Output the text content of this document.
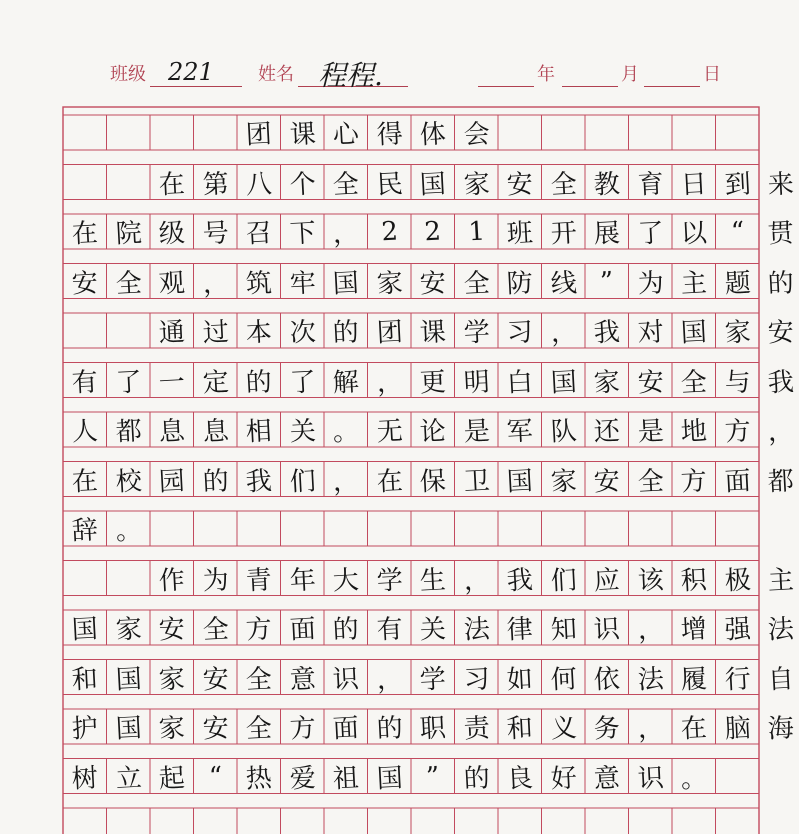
班级 221 姓名 程程.	年	月	日
团 课 心 得 体 会
在 第 八 个 全 民 国 家 安 全 教 育 日 到 来
在 院 级 号 召 下 ， 2 2 1 班 开 展 了 以 “ 贯
安 全 观 ， 筑 牢 国 家 安 全 防 线 ” 为 主 题 的
通 过 本 次 的 团 课 学 习 ， 我 对 国 家 安
有 了 一 定 的 了 解 ， 更 明 白 国 家 安 全 与 我
人 都 息 息 相 关 。 无 论 是 军 队 还 是 地 方 ，
在 校 园 的 我 们 ， 在 保 卫 国 家 安 全 方 面 都
辞 。
作 为 青 年 大 学 生 ， 我 们 应 该 积 极 主
国 家 安 全 方 面 的 有 关 法 律 知 识 ， 增 强 法
和 国 家 安 全 意 识 ， 学 习 如 何 依 法 履 行 自
护 国 家 安 全 方 面 的 职 责 和 义 务 ， 在 脑 海
树 立 起 “ 热 爱 祖 国 ” 的 良 好 意 识 。
